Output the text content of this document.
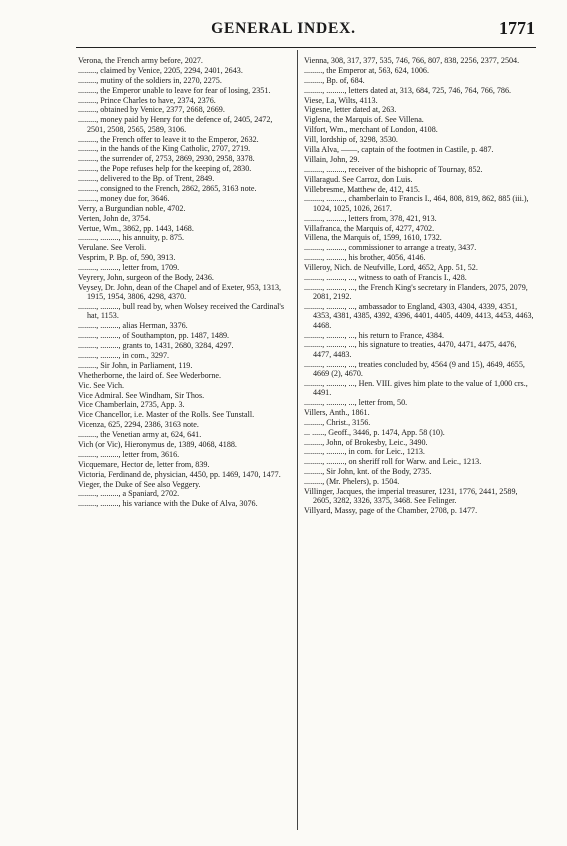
GENERAL INDEX.	1771

Verona, the French army before, 2027.

........., claimed by Venice, 2205, 2294, 2401, 2643.

........., mutiny of the soldiers in, 2270, 2275.

........., the Emperor unable to leave for fear of losing, 2351.

........., Prince Charles to have, 2374, 2376.

........., obtained by Venice, 2377, 2668, 2669.

........., money paid by Henry for the defence of, 2405, 2472, 2501, 2508, 2565, 2589, 3106.

........., the French offer to leave it to the Emperor, 2632.

........., in the hands of the King Catholic, 2707, 2719.

........., the surrender of, 2753, 2869, 2930, 2958, 3378.

........., the Pope refuses help for the keeping of, 2830.

........., delivered to the Bp. of Trent, 2849.

........., consigned to the French, 2862, 2865, 3163 note.

........., money due for, 3646.

Verry, a Burgundian noble, 4702.

Verten, John de, 3754.

Vertue, Wm., 3862, pp. 1443, 1468.

........., ........., his annuity, p. 875.

Verulane. See Veroli.

Vesprim, P. Bp. of, 590, 3913.

........., ........., letter from, 1709.

Veyrery, John, surgeon of the Body, 2436.

Veysey, Dr. John, dean of the Chapel and of Exeter, 953, 1313, 1915, 1954, 3806, 4298, 4370.

........., ........., bull read by, when Wolsey received the Cardinal's hat, 1153.

........., ........., alias Herman, 3376.

........., ........., of Southampton, pp. 1487, 1489.

........., ........., grants to, 1431, 2680, 3284, 4297.

........., ........., in com., 3297.

........., Sir John, in Parliament, 119.

Vhetherborne, the laird of. See Wederborne.

Vic. See Vich.

Vice Admiral. See Windham, Sir Thos.

Vice Chamberlain, 2735, App. 3.

Vice Chancellor, i.e. Master of the Rolls. See Tunstall.

Vicenza, 625, 2294, 2386, 3163 note.

........., the Venetian army at, 624, 641.

Vich (or Vic), Hieronymus de, 1389, 4068, 4188.

........., ........., letter from, 3616.

Vicquemare, Hector de, letter from, 839.

Victoria, Ferdinand de, physician, 4450, pp. 1469, 1470, 1477.

Vieger, the Duke of See also Veggery.

........., ........., a Spaniard, 2702.

........., ........., his variance with the Duke of Alva, 3076.

Vienna, 308, 317, 377, 535, 746, 766, 807, 838, 2256, 2377, 2504.

........., the Emperor at, 563, 624, 1006.

........., Bp. of, 684.

........., ........., letters dated at, 313, 684, 725, 746, 764, 766, 786.

Viese, La, Wilts, 4113.

Vigesne, letter dated at, 263.

Viglena, the Marquis of. See Villena.

Vilfort, Wm., merchant of London, 4108.

Vill, lordship of, 3298, 3530.

Villa Alva, ——, captain of the footmen in Castile, p. 487.

Villain, John, 29.

........., ........., receiver of the bishopric of Tournay, 852.

Villaragud. See Carroz, don Luis.

Villebresme, Matthew de, 412, 415.

........., ........., chamberlain to Francis I., 464, 808, 819, 862, 885 (iii.), 1024, 1025, 1026, 2617.

........., ........., letters from, 378, 421, 913.

Villafranca, the Marquis of, 4277, 4702.

Villena, the Marquis of, 1599, 1610, 1732.

........., ........., commissioner to arrange a treaty, 3437.

........., ........., his brother, 4056, 4146.

Villeroy, Nich. de Neufville, Lord, 4652, App. 51, 52.

........., ........., ..., witness to oath of Francis I., 428.

........., ........., ..., the French King's secretary in Flanders, 2075, 2079, 2081, 2192.

........., ........., ..., ambassador to England, 4303, 4304, 4339, 4351, 4353, 4381, 4385, 4392, 4396, 4401, 4405, 4409, 4413, 4453, 4463, 4468.

........., ........., ..., his return to France, 4384.

........., ........., ..., his signature to treaties, 4470, 4471, 4475, 4476, 4477, 4483.

........., ........., ..., treaties concluded by, 4564 (9 and 15), 4649, 4655, 4669 (2), 4670.

........., ........., ..., Hen. VIII. gives him plate to the value of 1,000 crs., 4491.

........., ........., ..., letter from, 50.

Villers, Anth., 1861.

........., Christ., 3156.

... ......, Geoff., 3446, p. 1474, App. 58 (10).

........., John, of Brokesby, Leic., 3490.

........., ........., in com. for Leic., 1213.

........., ........., on sheriff roll for Warw. and Leic., 1213.

........., Sir John, knt. of the Body, 2735.

........., (Mr. Phelers), p. 1504.

Villinger, Jacques, the imperial treasurer, 1231, 1776, 2441, 2589, 2605, 3282, 3326, 3375, 3468. See Felinger.

Villyard, Massy, page of the Chamber, 2708, p. 1477.
